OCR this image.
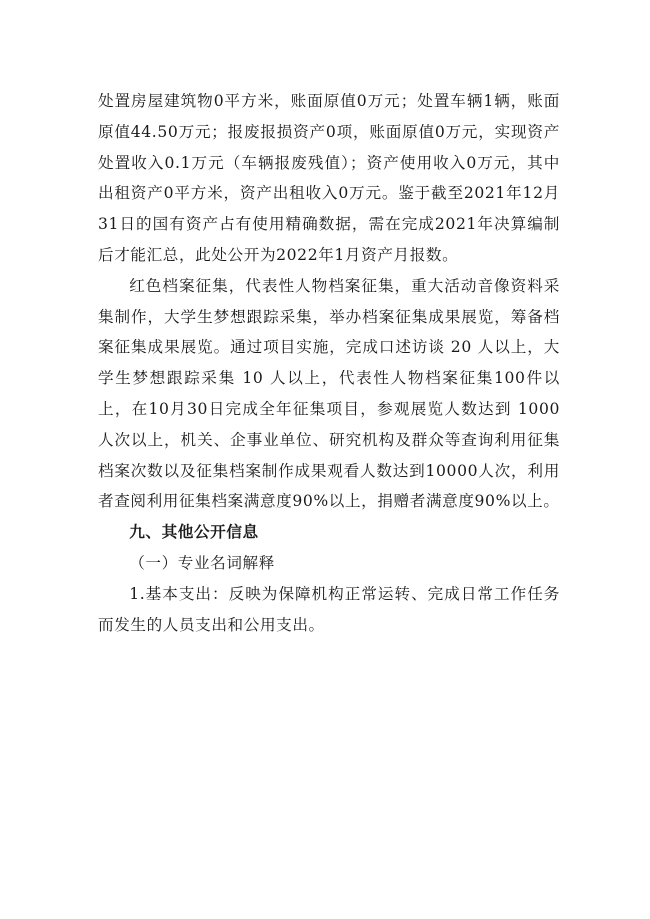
处置房屋建筑物0平方米，账面原值0万元；处置车辆1辆，账面原值44.50万元；报废报损资产0项，账面原值0万元，实现资产处置收入0.1万元（车辆报废残值）；资产使用收入0万元，其中出租资产0平方米，资产出租收入0万元。鉴于截至2021年12月31日的国有资产占有使用精确数据，需在完成2021年决算编制后才能汇总，此处公开为2022年1月资产月报数。

红色档案征集，代表性人物档案征集，重大活动音像资料采集制作，大学生梦想跟踪采集，举办档案征集成果展览，筹备档案征集成果展览。通过项目实施，完成口述访谈 20 人以上，大学生梦想跟踪采集 10 人以上，代表性人物档案征集100件以上，在10月30日完成全年征集项目，参观展览人数达到 1000 人次以上，机关、企事业单位、研究机构及群众等查询利用征集档案次数以及征集档案制作成果观看人数达到10000人次，利用者查阅利用征集档案满意度90%以上，捐赠者满意度90%以上。

九、其他公开信息

（一）专业名词解释

1.基本支出：反映为保障机构正常运转、完成日常工作任务而发生的人员支出和公用支出。
